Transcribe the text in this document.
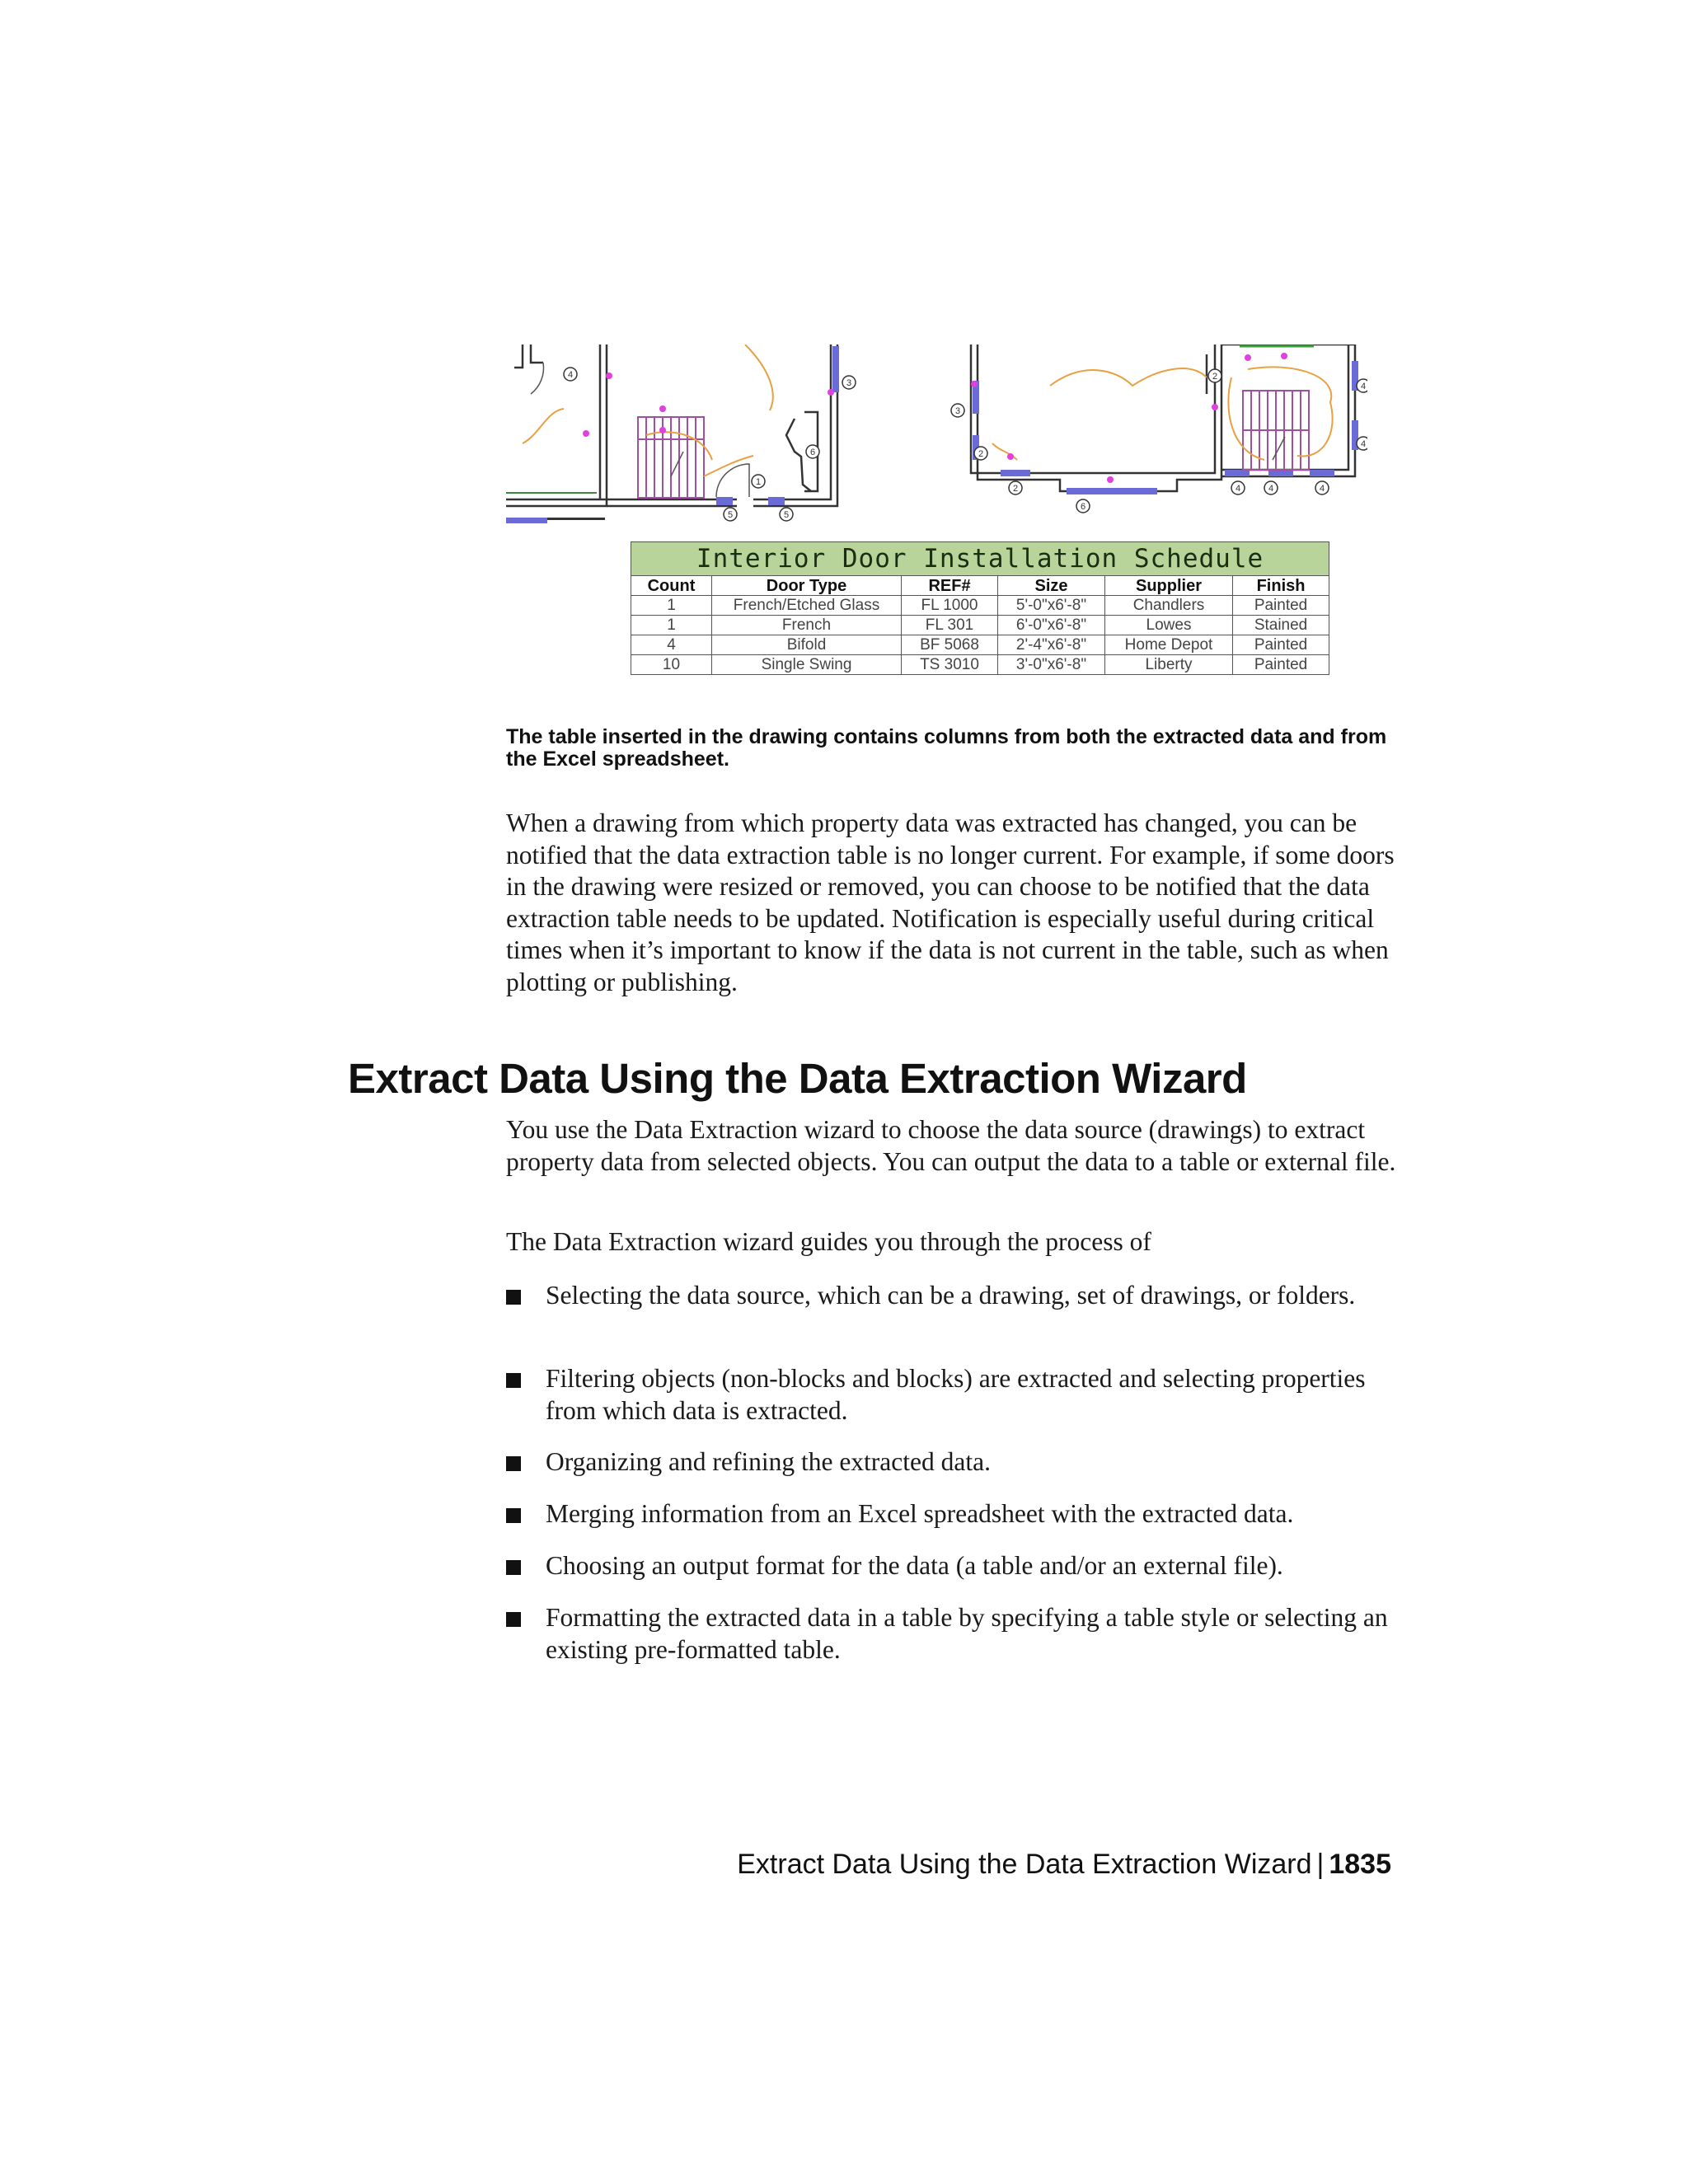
4
3
6
1
5	5
3
2
2
2
6
4	4	4
4
4
Interior Door Installation Schedule					
Count	Door Type	REF#	Size	Supplier	Finish
1	French/Etched Glass	FL 1000	5'-0"x6'-8"	Chandlers	Painted
1	French	FL 301	6'-0"x6'-8"	Lowes	Stained
4	Bifold	BF 5068	2'-4"x6'-8"	Home Depot	Painted
10	Single Swing	TS 3010	3'-0"x6'-8"	Liberty	Painted
The table inserted in the drawing contains columns from both the extracted data and from the Excel spreadsheet.

When a drawing from which property data was extracted has changed, you can be notified that the data extraction table is no longer current. For example, if some doors in the drawing were resized or removed, you can choose to be notified that the data extraction table needs to be updated. Notification is especially useful during critical times when it’s important to know if the data is not current in the table, such as when plotting or publishing.

Extract Data Using the Data Extraction Wizard

You use the Data Extraction wizard to choose the data source (drawings) to extract property data from selected objects. You can output the data to a table or external file.

The Data Extraction wizard guides you through the process of

Selecting the data source, which can be a drawing, set of drawings, or folders.
Filtering objects (non-blocks and blocks) are extracted and selecting properties from which data is extracted.
Organizing and refining the extracted data.
Merging information from an Excel spreadsheet with the extracted data.
Choosing an output format for the data (a table and/or an external file).
Formatting the extracted data in a table by specifying a table style or selecting an existing pre-formatted table.
Extract Data Using the Data Extraction Wizard | 1835
